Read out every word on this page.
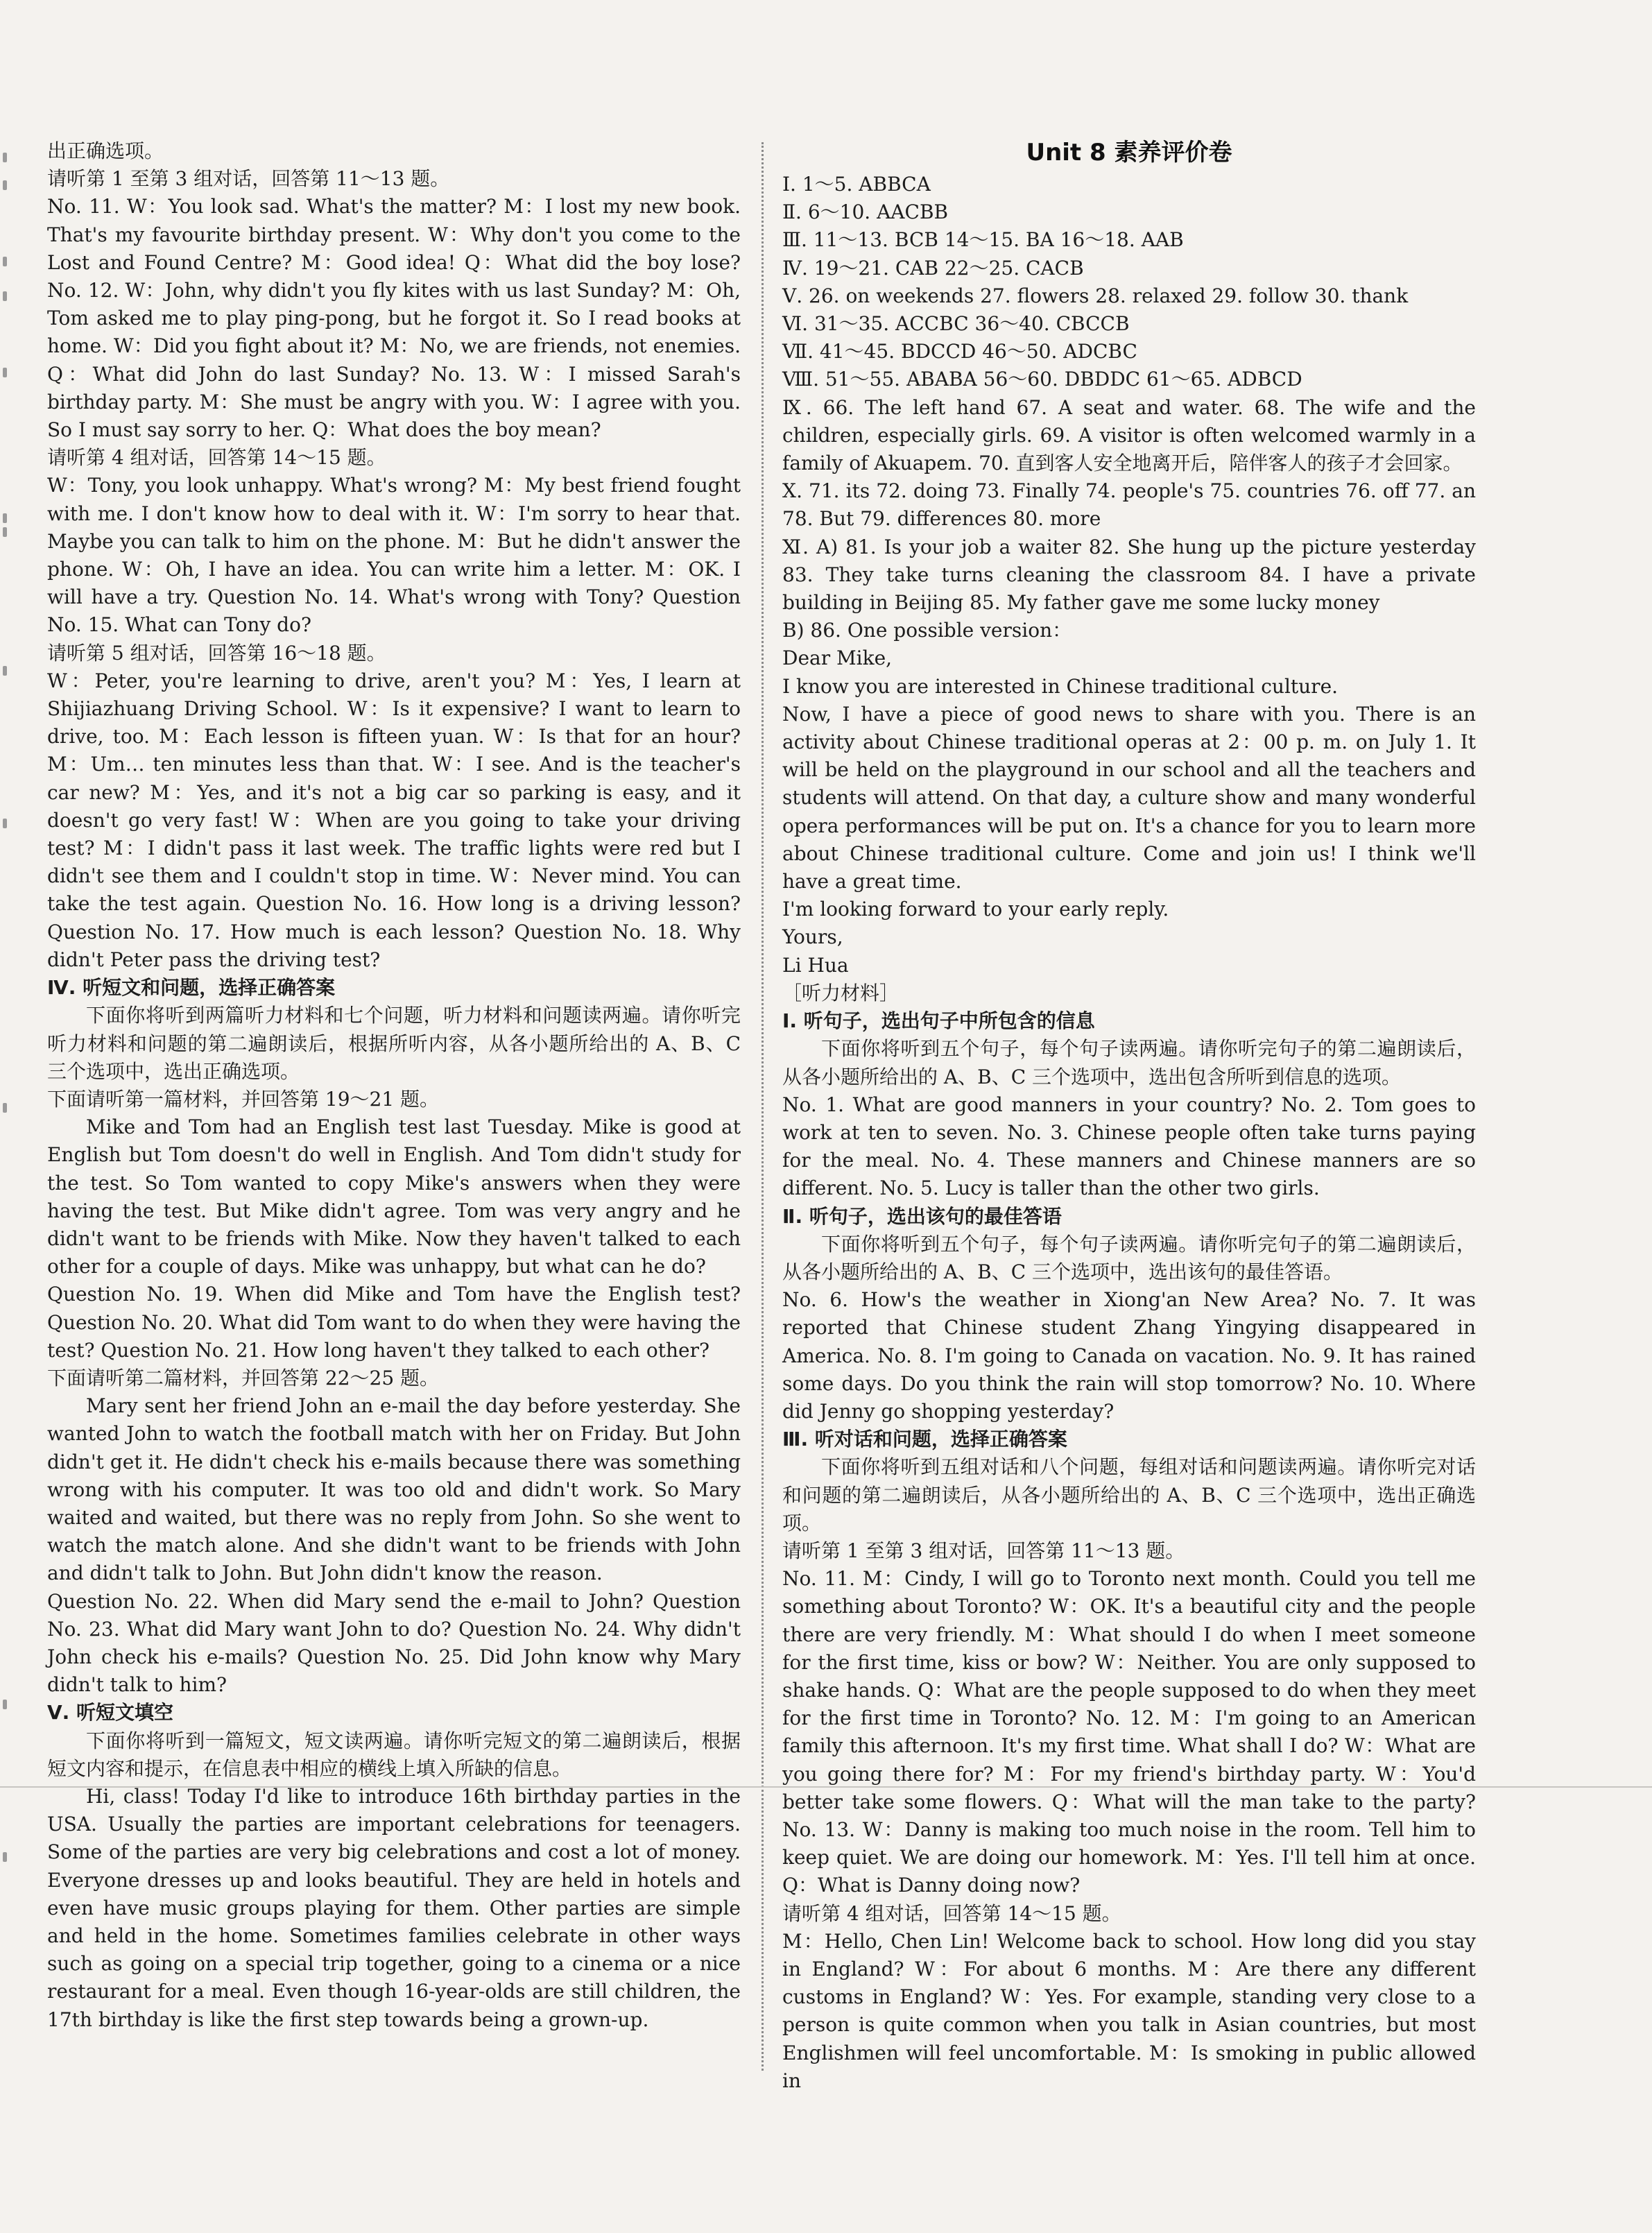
出正确选项。

请听第 1 至第 3 组对话，回答第 11～13 题。

No. 11. W：You look sad. What's the matter? M：I lost my new book. That's my favourite birthday present. W：Why don't you come to the Lost and Found Centre? M：Good idea! Q：What did the boy lose? No. 12. W：John, why didn't you fly kites with us last Sunday? M：Oh, Tom asked me to play ping-pong, but he forgot it. So I read books at home. W：Did you fight about it? M：No, we are friends, not enemies. Q：What did John do last Sunday? No. 13. W：I missed Sarah's birthday party. M：She must be angry with you. W：I agree with you. So I must say sorry to her. Q：What does the boy mean?

请听第 4 组对话，回答第 14～15 题。

W：Tony, you look unhappy. What's wrong? M：My best friend fought with me. I don't know how to deal with it. W：I'm sorry to hear that. Maybe you can talk to him on the phone. M：But he didn't answer the phone. W：Oh, I have an idea. You can write him a letter. M：OK. I will have a try. Question No. 14. What's wrong with Tony? Question No. 15. What can Tony do?

请听第 5 组对话，回答第 16～18 题。

W：Peter, you're learning to drive, aren't you? M：Yes, I learn at Shijiazhuang Driving School. W：Is it expensive? I want to learn to drive, too. M：Each lesson is fifteen yuan. W：Is that for an hour? M：Um… ten minutes less than that. W：I see. And is the teacher's car new? M：Yes, and it's not a big car so parking is easy, and it doesn't go very fast! W：When are you going to take your driving test? M：I didn't pass it last week. The traffic lights were red but I didn't see them and I couldn't stop in time. W：Never mind. You can take the test again. Question No. 16. How long is a driving lesson? Question No. 17. How much is each lesson? Question No. 18. Why didn't Peter pass the driving test?

Ⅳ. 听短文和问题，选择正确答案

下面你将听到两篇听力材料和七个问题，听力材料和问题读两遍。请你听完听力材料和问题的第二遍朗读后，根据所听内容，从各小题所给出的 A、B、C 三个选项中，选出正确选项。

下面请听第一篇材料，并回答第 19～21 题。

Mike and Tom had an English test last Tuesday. Mike is good at English but Tom doesn't do well in English. And Tom didn't study for the test. So Tom wanted to copy Mike's answers when they were having the test. But Mike didn't agree. Tom was very angry and he didn't want to be friends with Mike. Now they haven't talked to each other for a couple of days. Mike was unhappy, but what can he do?

Question No. 19. When did Mike and Tom have the English test? Question No. 20. What did Tom want to do when they were having the test? Question No. 21. How long haven't they talked to each other?

下面请听第二篇材料，并回答第 22～25 题。

Mary sent her friend John an e-mail the day before yesterday. She wanted John to watch the football match with her on Friday. But John didn't get it. He didn't check his e-mails because there was something wrong with his computer. It was too old and didn't work. So Mary waited and waited, but there was no reply from John. So she went to watch the match alone. And she didn't want to be friends with John and didn't talk to John. But John didn't know the reason.

Question No. 22. When did Mary send the e-mail to John? Question No. 23. What did Mary want John to do? Question No. 24. Why didn't John check his e-mails? Question No. 25. Did John know why Mary didn't talk to him?

Ⅴ. 听短文填空

下面你将听到一篇短文，短文读两遍。请你听完短文的第二遍朗读后，根据短文内容和提示，在信息表中相应的横线上填入所缺的信息。

Hi, class! Today I'd like to introduce 16th birthday parties in the USA. Usually the parties are important celebrations for teenagers. Some of the parties are very big celebrations and cost a lot of money. Everyone dresses up and looks beautiful. They are held in hotels and even have music groups playing for them. Other parties are simple and held in the home. Sometimes families celebrate in other ways such as going on a special trip together, going to a cinema or a nice restaurant for a meal. Even though 16-year-olds are still children, the 17th birthday is like the first step towards being a grown-up.

Unit 8 素养评价卷

Ⅰ. 1～5. ABBCA

Ⅱ. 6～10. AACBB

Ⅲ. 11～13. BCB 14～15. BA 16～18. AAB

Ⅳ. 19～21. CAB 22～25. CACB

Ⅴ. 26. on weekends 27. flowers 28. relaxed 29. follow 30. thank

Ⅵ. 31～35. ACCBC 36～40. CBCCB

Ⅶ. 41～45. BDCCD 46～50. ADCBC

Ⅷ. 51～55. ABABA 56～60. DBDDC 61～65. ADBCD

Ⅸ. 66. The left hand 67. A seat and water. 68. The wife and the children, especially girls. 69. A visitor is often welcomed warmly in a family of Akuapem. 70. 直到客人安全地离开后，陪伴客人的孩子才会回家。

Ⅹ. 71. its 72. doing 73. Finally 74. people's 75. countries 76. off 77. an 78. But 79. differences 80. more

Ⅺ. A) 81. Is your job a waiter 82. She hung up the picture yesterday 83. They take turns cleaning the classroom 84. I have a private building in Beijing 85. My father gave me some lucky money

B) 86. One possible version：

Dear Mike,

I know you are interested in Chinese traditional culture.

Now, I have a piece of good news to share with you. There is an activity about Chinese traditional operas at 2：00 p. m. on July 1. It will be held on the playground in our school and all the teachers and students will attend. On that day, a culture show and many wonderful opera performances will be put on. It's a chance for you to learn more about Chinese traditional culture. Come and join us! I think we'll have a great time.

I'm looking forward to your early reply.

Yours,

Li Hua

［听力材料］

Ⅰ. 听句子，选出句子中所包含的信息

下面你将听到五个句子，每个句子读两遍。请你听完句子的第二遍朗读后，从各小题所给出的 A、B、C 三个选项中，选出包含所听到信息的选项。

No. 1. What are good manners in your country? No. 2. Tom goes to work at ten to seven. No. 3. Chinese people often take turns paying for the meal. No. 4. These manners and Chinese manners are so different. No. 5. Lucy is taller than the other two girls.

Ⅱ. 听句子，选出该句的最佳答语

下面你将听到五个句子，每个句子读两遍。请你听完句子的第二遍朗读后，从各小题所给出的 A、B、C 三个选项中，选出该句的最佳答语。

No. 6. How's the weather in Xiong'an New Area? No. 7. It was reported that Chinese student Zhang Yingying disappeared in America. No. 8. I'm going to Canada on vacation. No. 9. It has rained some days. Do you think the rain will stop tomorrow? No. 10. Where did Jenny go shopping yesterday?

Ⅲ. 听对话和问题，选择正确答案

下面你将听到五组对话和八个问题，每组对话和问题读两遍。请你听完对话和问题的第二遍朗读后，从各小题所给出的 A、B、C 三个选项中，选出正确选项。

请听第 1 至第 3 组对话，回答第 11～13 题。

No. 11. M：Cindy, I will go to Toronto next month. Could you tell me something about Toronto? W：OK. It's a beautiful city and the people there are very friendly. M：What should I do when I meet someone for the first time, kiss or bow? W：Neither. You are only supposed to shake hands. Q：What are the people supposed to do when they meet for the first time in Toronto? No. 12. M：I'm going to an American family this afternoon. It's my first time. What shall I do? W：What are you going there for? M：For my friend's birthday party. W：You'd better take some flowers. Q：What will the man take to the party? No. 13. W：Danny is making too much noise in the room. Tell him to keep quiet. We are doing our homework. M：Yes. I'll tell him at once. Q：What is Danny doing now?

请听第 4 组对话，回答第 14～15 题。

M：Hello, Chen Lin! Welcome back to school. How long did you stay in England? W：For about 6 months. M：Are there any different customs in England? W：Yes. For example, standing very close to a person is quite common when you talk in Asian countries, but most Englishmen will feel uncomfortable. M：Is smoking in public allowed in
